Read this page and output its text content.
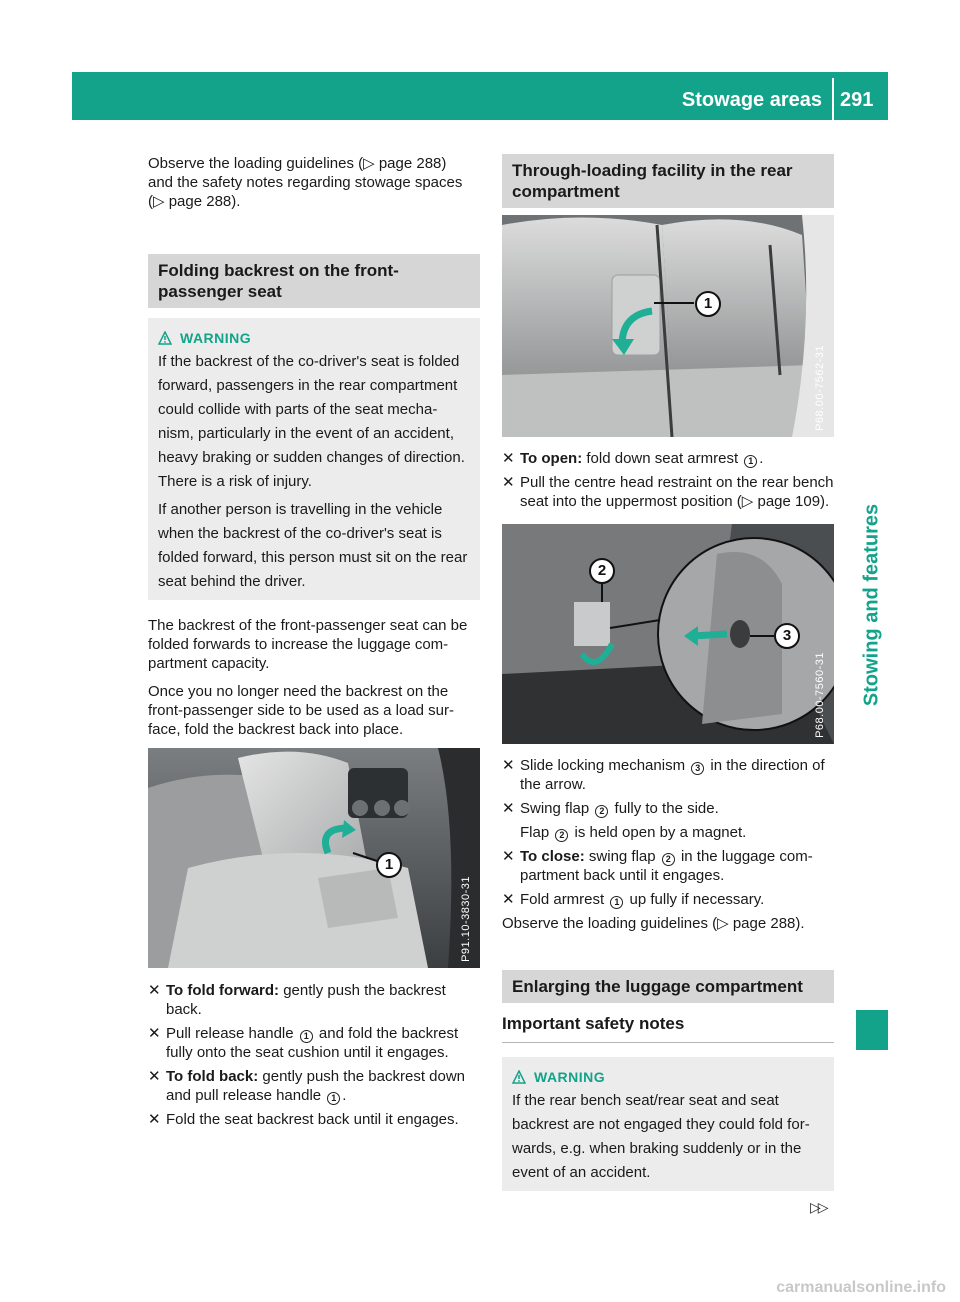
Stowage areas 291
Stowing and features

Observe the loading guidelines (▷ page 288)

and the safety notes regarding stowage spaces

(▷ page 288).

Folding backrest on the front-passenger seat
WARNING

If the backrest of the co-driver's seat is folded forward, passengers in the rear compartment could collide with parts of the seat mecha-nism, particularly in the event of an accident, heavy braking or sudden changes of direction. There is a risk of injury.

If another person is travelling in the vehicle when the backrest of the co-driver's seat is folded forward, this person must sit on the rear seat behind the driver.

The backrest of the front-passenger seat can be folded forwards to increase the luggage com-partment capacity.

Once you no longer need the backrest on the front-passenger side to be used as a load sur-face, fold the backrest back into place.

1
P91.10-3830-31
✕ To fold forward: gently push the backrest back.
✕ Pull release handle 1 and fold the backrest fully onto the seat cushion until it engages.
✕ To fold back: gently push the backrest down and pull release handle 1 .
✕ Fold the seat backrest back until it engages.
Through-loading facility in the rear compartment
1
P68.00-7562-31
✕ To open: fold down seat armrest 1 .
✕ Pull the centre head restraint on the rear bench seat into the uppermost position (▷ page 109).
2
3
P68.00-7560-31
✕ Slide locking mechanism 3 in the direction of the arrow.
✕ Swing flap 2 fully to the side.
Flap 2 is held open by a magnet.
✕ To close: swing flap 2 in the luggage com-partment back until it engages.
✕ Fold armrest 1 up fully if necessary.

Observe the loading guidelines (▷ page 288).

Enlarging the luggage compartment
Important safety notes
WARNING

If the rear bench seat/rear seat and seat backrest are not engaged they could fold for-wards, e.g. when braking suddenly or in the event of an accident.

▷▷
carmanualsonline.info
